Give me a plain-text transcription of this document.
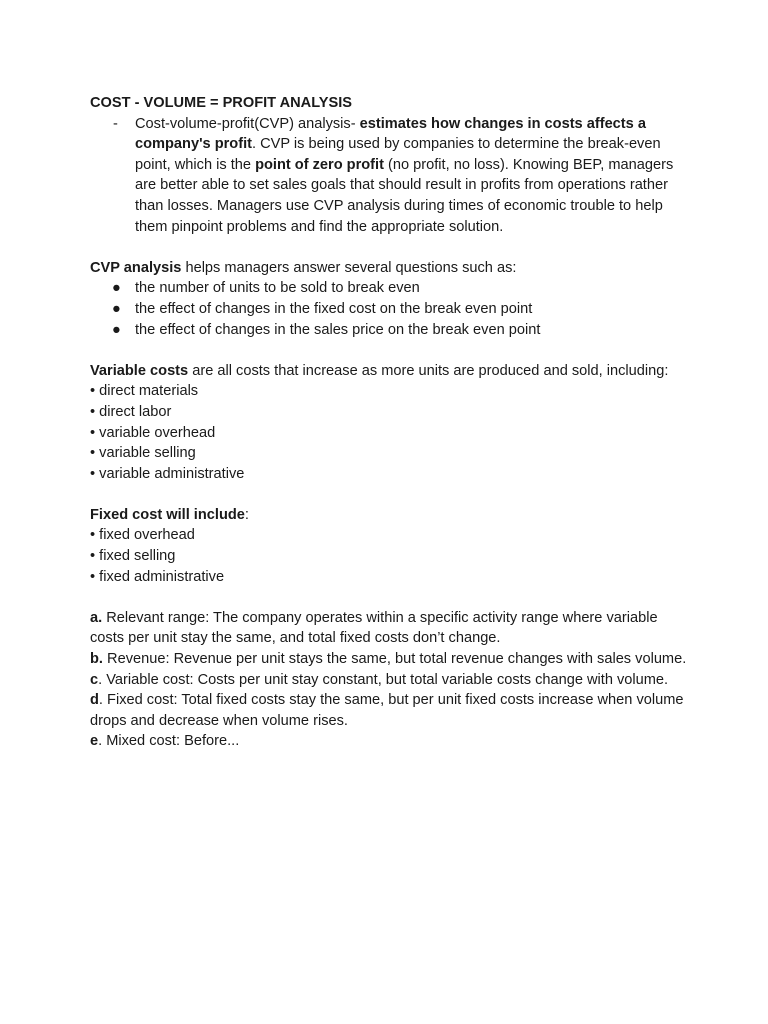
COST - VOLUME = PROFIT ANALYSIS

- Cost-volume-profit(CVP) analysis- estimates how changes in costs affects a company's profit. CVP is being used by companies to determine the break-even point, which is the point of zero profit (no profit, no loss). Knowing BEP, managers are better able to set sales goals that should result in profits from operations rather than losses. Managers use CVP analysis during times of economic trouble to help them pinpoint problems and find the appropriate solution.

CVP analysis helps managers answer several questions such as:

● the number of units to be sold to break even
● the effect of changes in the fixed cost on the break even point
● the effect of changes in the sales price on the break even point

Variable costs are all costs that increase as more units are produced and sold, including:

• direct materials

• direct labor

• variable overhead

• variable selling

• variable administrative

Fixed cost will include:

• fixed overhead

• fixed selling

• fixed administrative

a. Relevant range: The company operates within a specific activity range where variable costs per unit stay the same, and total fixed costs don’t change.

b. Revenue: Revenue per unit stays the same, but total revenue changes with sales volume.

c. Variable cost: Costs per unit stay constant, but total variable costs change with volume.

d. Fixed cost: Total fixed costs stay the same, but per unit fixed costs increase when volume drops and decrease when volume rises.

e. Mixed cost: Before...
